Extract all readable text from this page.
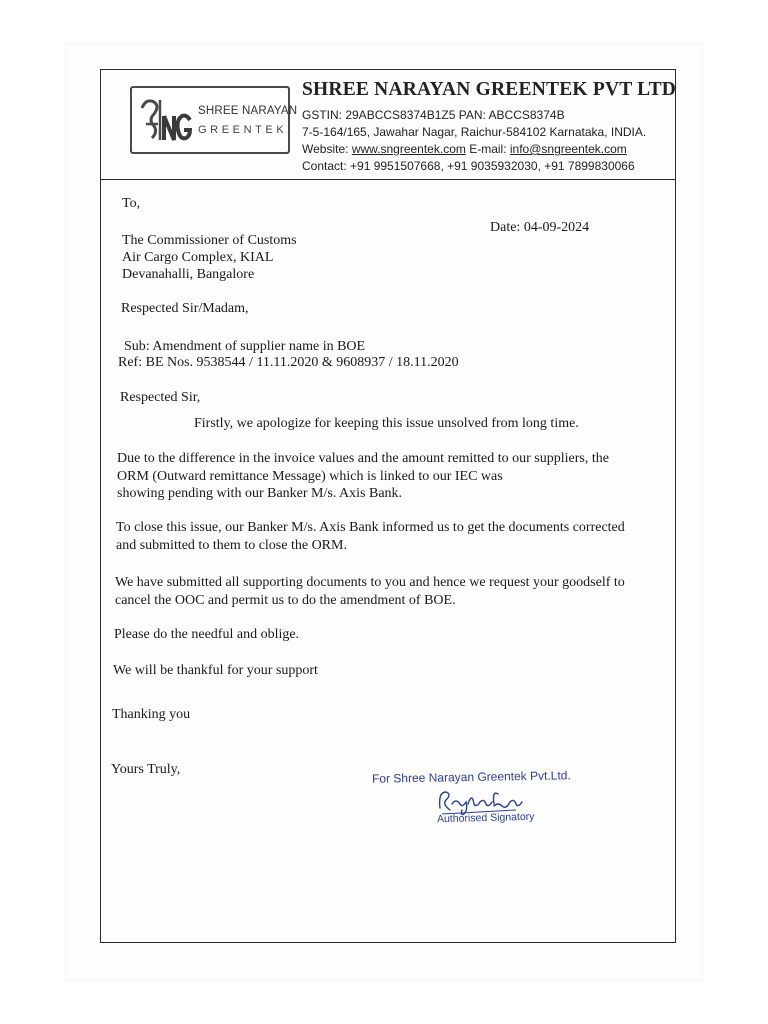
SHREE NARAYAN
GREENTEK
SHREE NARAYAN GREENTEK PVT LTD
GSTIN: 29ABCCS8374B1Z5 PAN: ABCCS8374B
7-5-164/165, Jawahar Nagar, Raichur-584102 Karnataka, INDIA.
Website: www.sngreentek.com E-mail: info@sngreentek.com
Contact: +91 9951507668, +91 9035932030, +91 7899830066
To,
Date: 04-09-2024
The Commissioner of Customs
Air Cargo Complex, KIAL
Devanahalli, Bangalore
Respected Sir/Madam,
Sub: Amendment of supplier name in BOE
Ref: BE Nos. 9538544 / 11.11.2020 & 9608937 / 18.11.2020
Respected Sir,
Firstly, we apologize for keeping this issue unsolved from long time.
Due to the difference in the invoice values and the amount remitted to our suppliers, the
ORM (Outward remittance Message) which is linked to our IEC was
showing pending with our Banker M/s. Axis Bank.
To close this issue, our Banker M/s. Axis Bank informed us to get the documents corrected
and submitted to them to close the ORM.
We have submitted all supporting documents to you and hence we request your goodself to
cancel the OOC and permit us to do the amendment of BOE.
Please do the needful and oblige.
We will be thankful for your support
Thanking you
Yours Truly,	For Shree Narayan Greentek Pvt.Ltd.
Authorised Signatory
